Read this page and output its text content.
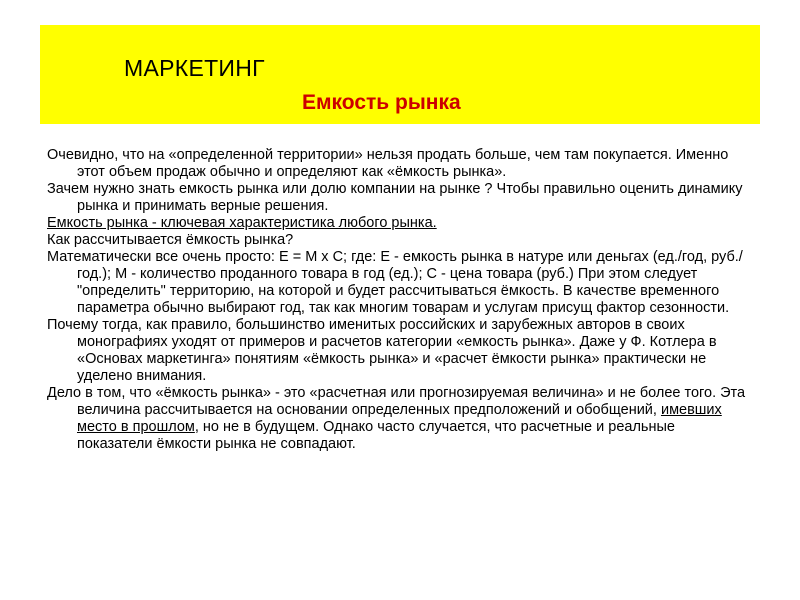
МАРКЕТИНГ
Емкость рынка

Очевидно, что на «определенной территории» нельзя продать больше, чем там покупается. Именно этот объем продаж обычно и определяют как «ёмкость рынка».

Зачем нужно знать емкость рынка или долю компании на рынке ? Чтобы правильно оценить динамику рынка и принимать верные решения.

Емкость рынка - ключевая характеристика любого рынка.

Как рассчитывается ёмкость рынка?

Математически все очень просто: Е = М х С; где: Е - емкость рынка в натуре или деньгах (ед./год, руб./год.); М - количество проданного товара в год (ед.); С - цена товара (руб.) При этом следует "определить" территорию, на которой и будет рассчитываться ёмкость. В качестве временного параметра обычно выбирают год, так как многим товарам и услугам присущ фактор сезонности.

Почему тогда, как правило, большинство именитых российских и зарубежных авторов в своих монографиях уходят от примеров и расчетов категории «емкость рынка». Даже у Ф. Котлера в «Основах маркетинга» понятиям «ёмкость рынка» и «расчет ёмкости рынка» практически не уделено внимания.

Дело в том, что «ёмкость рынка» - это «расчетная или прогнозируемая величина» и не более того. Эта величина рассчитывается на основании определенных предположений и обобщений, имевших место в прошлом, но не в будущем. Однако часто случается, что расчетные и реальные показатели ёмкости рынка не совпадают.
